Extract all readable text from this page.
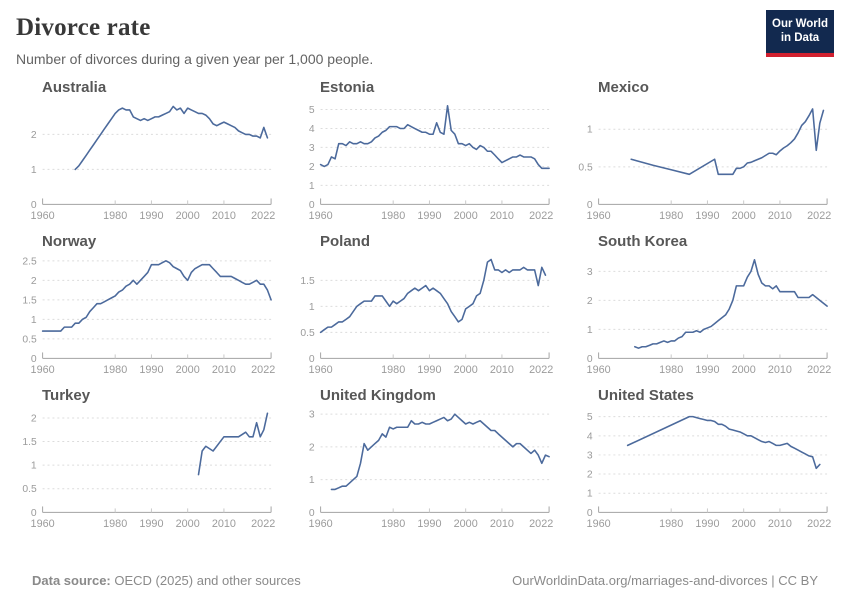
Divorce rate
Number of divorces during a given year per 1,000 people.
Our World
in Data
Australia
0
1
2
1960	1980 1990 2000 2010 2022
Estonia
0
1
2
3
4
5
1960	1980 1990 2000 2010 2022
Mexico
0
0.5
1
1960	1980 1990 2000 2010 2022
Norway
0
0.5
1
1.5
2
2.5
1960	1980 1990 2000 2010 2022
Poland
0
0.5
1
1.5
1960	1980 1990 2000 2010 2022
South Korea
0
1
2
3
1960	1980 1990 2000 2010 2022
Turkey
0
0.5
1
1.5
2
1960	1980 1990 2000 2010 2022
United Kingdom
0
1
2
3
1960	1980 1990 2000 2010 2022
United States
0
1
2
3
4
5
1960	1980 1990 2000 2010 2022
Data source: OECD (2025) and other sources	OurWorldinData.org/marriages-and-divorces | CC BY
